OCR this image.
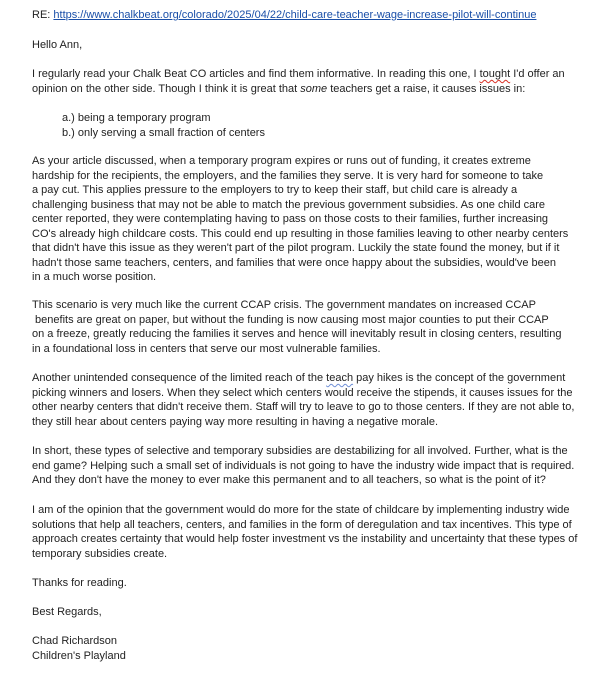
RE: https://www.chalkbeat.org/colorado/2025/04/22/child-care-teacher-wage-increase-pilot-will-continue
Hello Ann,
I regularly read your Chalk Beat CO articles and find them informative. In reading this one, I tought I'd offer an
opinion on the other side. Though I think it is great that some teachers get a raise, it causes issues in:
a.) being a temporary program
b.) only serving a small fraction of centers
As your article discussed, when a temporary program expires or runs out of funding, it creates extreme
hardship for the recipients, the employers, and the families they serve. It is very hard for someone to take
a pay cut. This applies pressure to the employers to try to keep their staff, but child care is already a
challenging business that may not be able to match the previous government subsidies. As one child care
center reported, they were contemplating having to pass on those costs to their families, further increasing
CO's already high childcare costs. This could end up resulting in those families leaving to other nearby centers
that didn't have this issue as they weren't part of the pilot program. Luckily the state found the money, but if it
hadn't those same teachers, centers, and families that were once happy about the subsidies, would've been
in a much worse position.
This scenario is very much like the current CCAP crisis. The government mandates on increased CCAP
benefits are great on paper, but without the funding is now causing most major counties to put their CCAP
on a freeze, greatly reducing the families it serves and hence will inevitably result in closing centers, resulting
in a foundational loss in centers that serve our most vulnerable families.
Another unintended consequence of the limited reach of the teach pay hikes is the concept of the government
picking winners and losers. When they select which centers would receive the stipends, it causes issues for the
other nearby centers that didn't receive them. Staff will try to leave to go to those centers. If they are not able to,
they still hear about centers paying way more resulting in having a negative morale.
In short, these types of selective and temporary subsidies are destabilizing for all involved. Further, what is the
end game? Helping such a small set of individuals is not going to have the industry wide impact that is required.
And they don't have the money to ever make this permanent and to all teachers, so what is the point of it?
I am of the opinion that the government would do more for the state of childcare by implementing industry wide
solutions that help all teachers, centers, and families in the form of deregulation and tax incentives. This type of
approach creates certainty that would help foster investment vs the instability and uncertainty that these types of
temporary subsidies create.
Thanks for reading.
Best Regards,
Chad Richardson
Children's Playland
